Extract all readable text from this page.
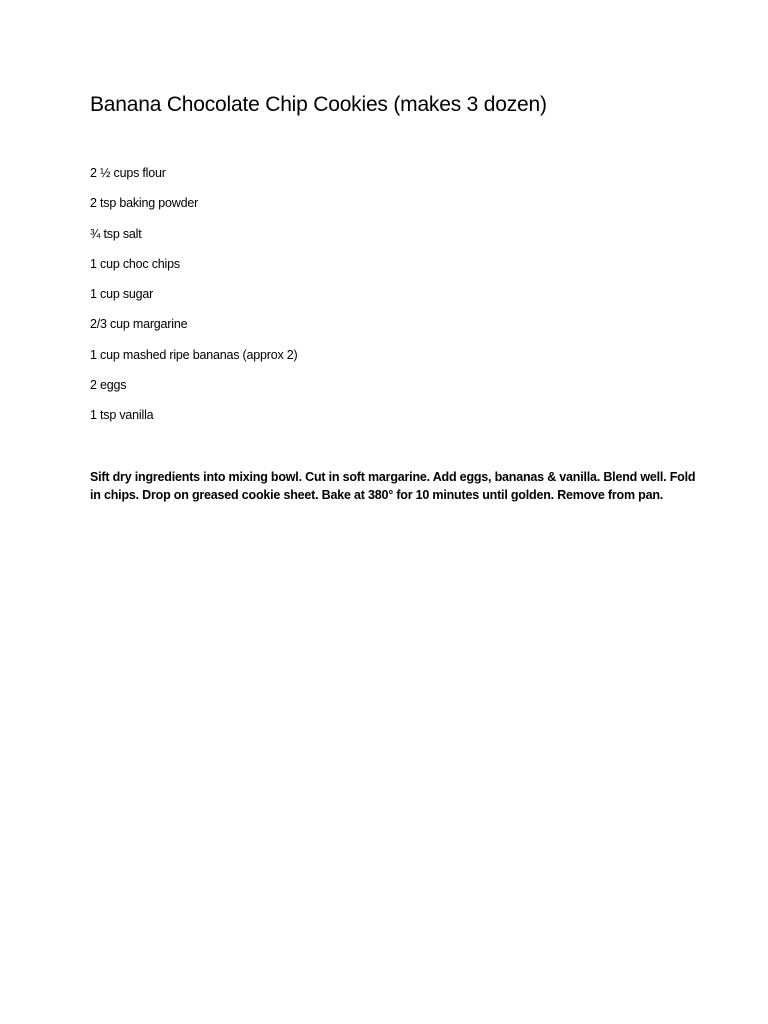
Banana Chocolate Chip Cookies (makes 3 dozen)
2 ½ cups flour
2 tsp baking powder
¾ tsp salt
1 cup choc chips
1 cup sugar
2/3 cup margarine
1 cup mashed ripe bananas (approx 2)
2 eggs
1 tsp vanilla

Sift dry ingredients into mixing bowl. Cut in soft margarine. Add eggs, bananas & vanilla. Blend well. Fold in chips. Drop on greased cookie sheet. Bake at 380° for 10 minutes until golden. Remove from pan.
